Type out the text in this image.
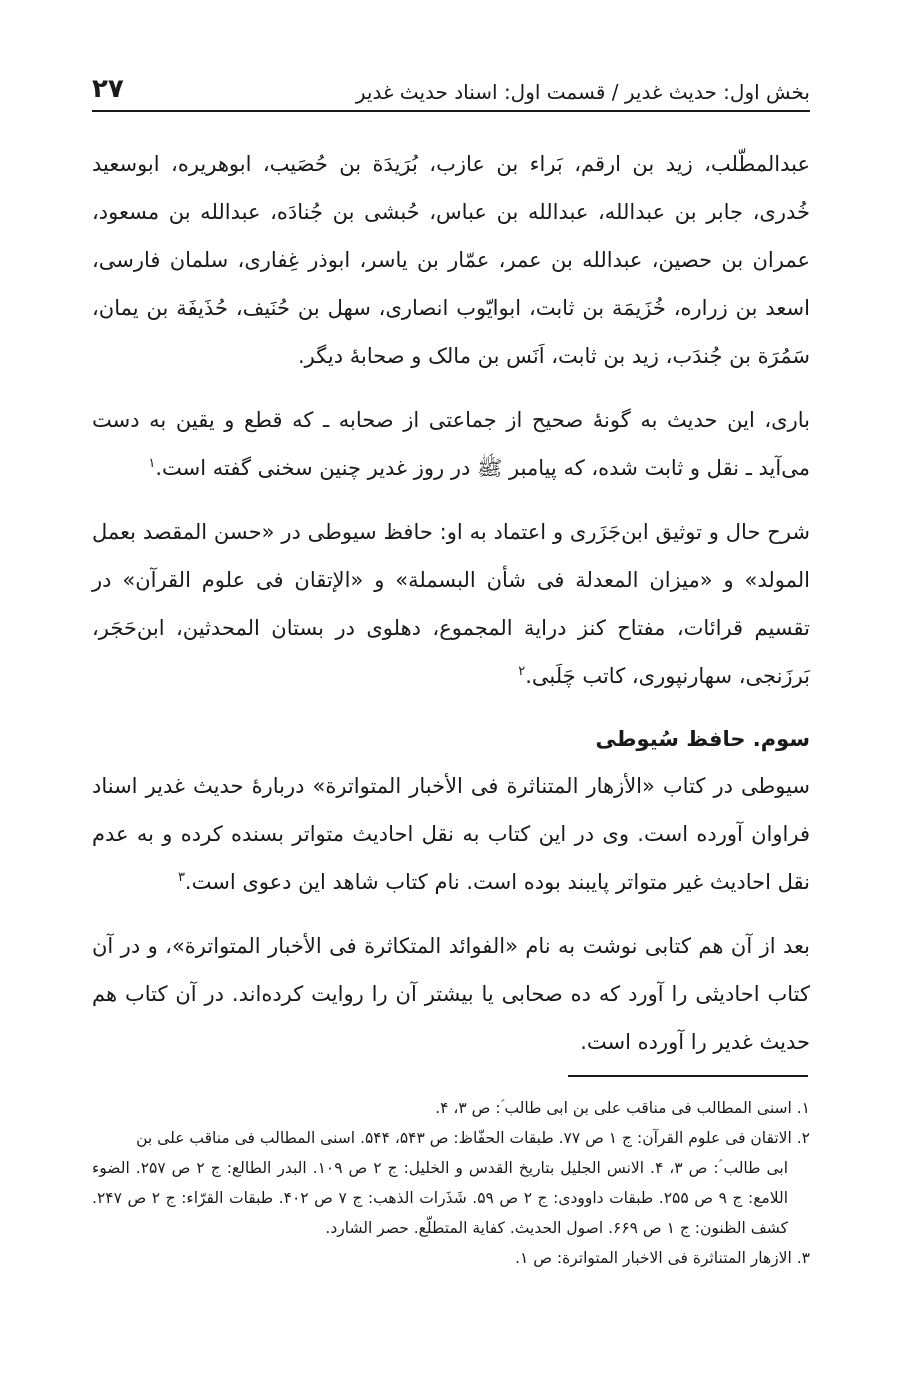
بخش اول: حدیث غدیر / قسمت اول: اسناد حدیث غدیر
۲۷

عبدالمطّلب، زید بن ارقم، بَراء بن عازب، بُرَیدَة بن حُصَیب، ابوهریره، ابوسعید خُدری، جابر بن عبدالله، عبدالله بن عباس، حُبشی بن جُنادَه، عبدالله بن مسعود، عمران بن حصین، عبدالله بن عمر، عمّار بن یاسر، ابوذر غِفاری، سلمان فارسی، اسعد بن زراره، خُزَیمَة بن ثابت، ابوایّوب انصاری، سهل بن حُنَیف، حُذَیفَة بن یمان، سَمُرَة بن جُندَب، زید بن ثابت، اَنَس بن مالک و صحابهٔ دیگر.

باری، این حدیث به گونهٔ صحیح از جماعتی از صحابه ـ که قطع و یقین به دست می‌آید ـ نقل و ثابت شده، که پیامبر ﷺ در روز غدیر چنین سخنی گفته است.$^۱$

شرح حال و توثیق ابن‌جَزَری و اعتماد به او: حافظ سیوطی در «حسن المقصد بعمل المولد» و «میزان المعدلة فی شأن البسملة» و «الإتقان فی علوم القرآن» در تقسیم قرائات، مفتاح کنز درایة المجموع، دهلوی در بستان المحدثین، ابن‌حَجَر، بَرزَنجی، سهارنپوری، کاتب چَلَبی.$^۲$

سوم. حافظ سُیوطی

سیوطی در کتاب «الأزهار المتناثرة فی الأخبار المتواترة» دربارهٔ حدیث غدیر اسناد فراوان آورده است. وی در این کتاب به نقل احادیث متواتر بسنده کرده و به عدم نقل احادیث غیر متواتر پایبند بوده است. نام کتاب شاهد این دعوی است.$^۳$

بعد از آن هم کتابی نوشت به نام «الفوائد المتکاثرة فی الأخبار المتواترة»، و در آن کتاب احادیثی را آورد که ده صحابی یا بیشتر آن را روایت کرده‌اند. در آن کتاب هم حدیث غدیر را آورده است.

۱. اسنی المطالب فی مناقب علی بن ابی طالب ؑ: ص ۳، ۴.

۲. الاتقان فی علوم القرآن: ج ۱ ص ۷۷. طبقات الحفّاظ: ص ۵۴۳، ۵۴۴. اسنی المطالب فی مناقب علی بن
ابی طالب ؑ: ص ۳، ۴. الانس الجلیل بتاریخ القدس و الخلیل: ج ۲ ص ۱۰۹. البدر الطالع: ج ۲ ص ۲۵۷. الضوء اللامع: ج ۹ ص ۲۵۵. طبقات داوودی: ج ۲ ص ۵۹. شَذَرات الذهب: ج ۷ ص ۴۰۲. طبقات القرّاء: ج ۲ ص ۲۴۷. کشف الظنون: ج ۱ ص ۶۶۹. اصول الحدیث. کفایة المتطلّع. حصر الشارد.

۳. الازهار المتناثرة فی الاخبار المتواترة: ص ۱.
